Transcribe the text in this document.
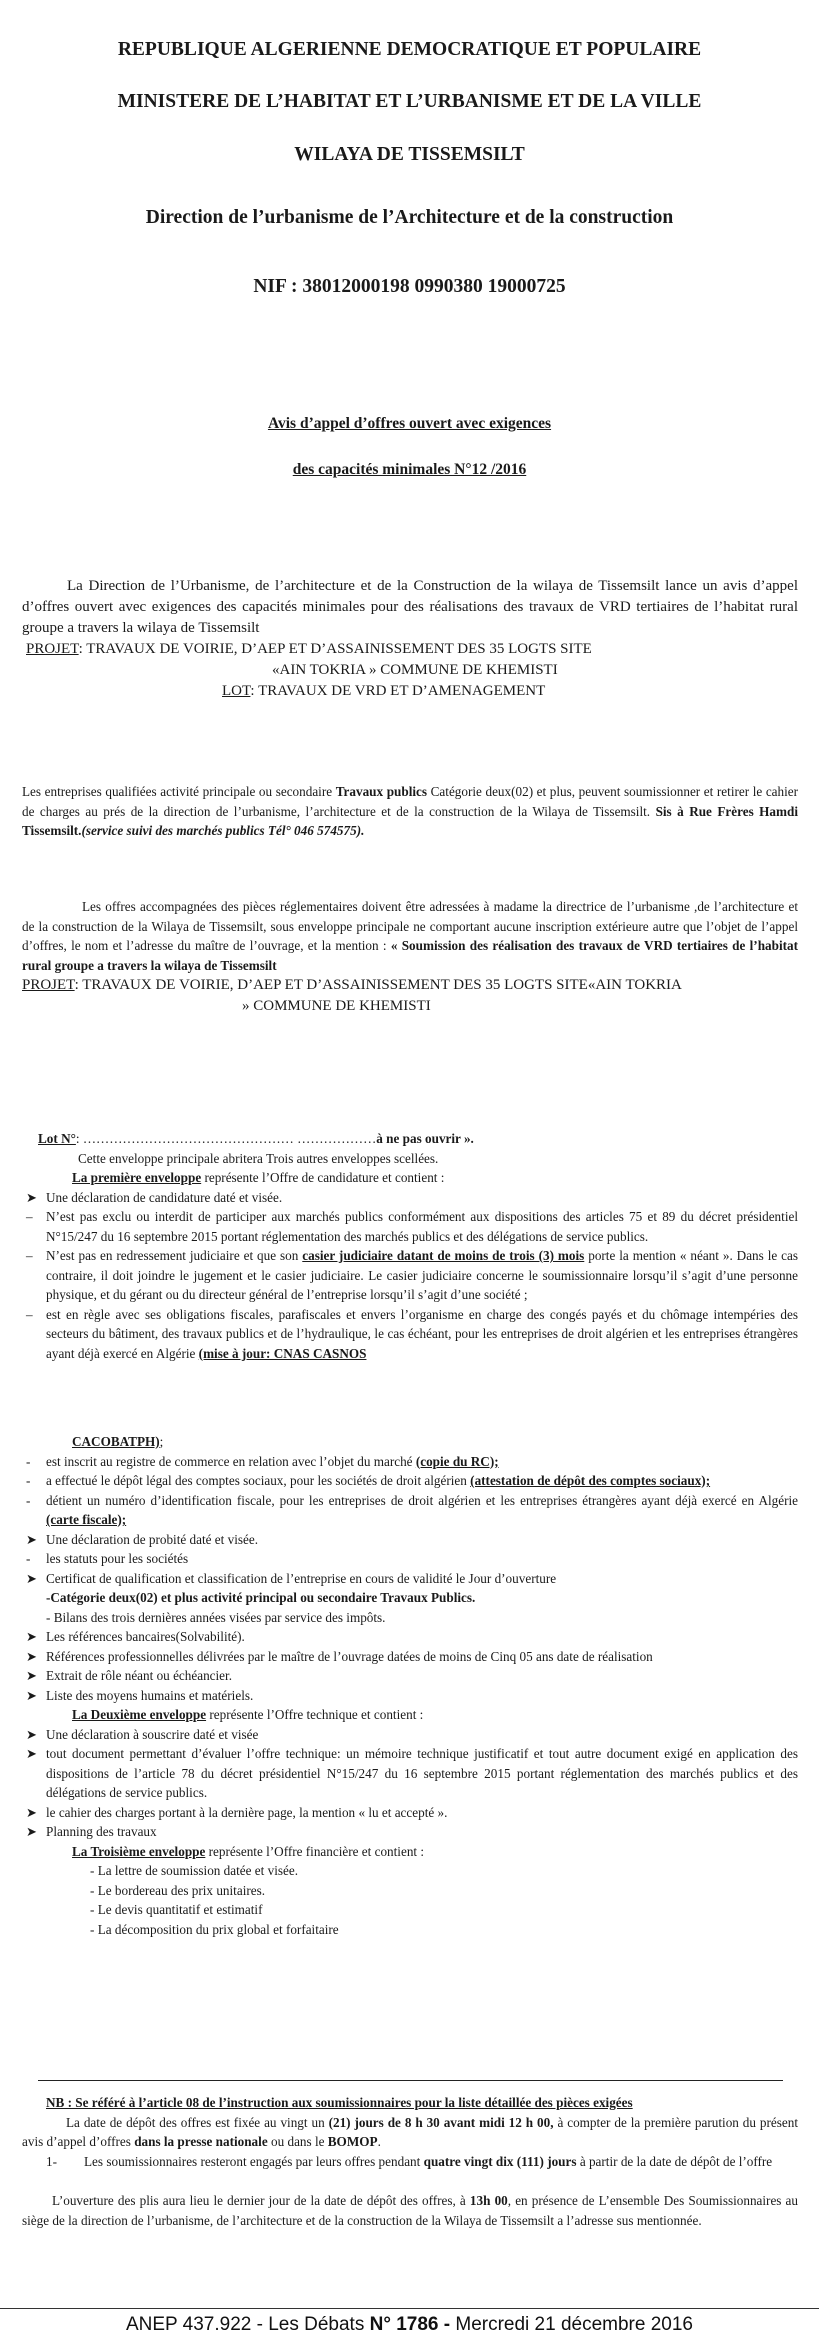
REPUBLIQUE ALGERIENNE DEMOCRATIQUE ET POPULAIRE
MINISTERE DE L’HABITAT ET L’URBANISME ET DE LA VILLE
WILAYA DE TISSEMSILT
Direction de l’urbanisme de l’Architecture et de la construction
NIF : 38012000198 0990380 19000725
Avis d’appel d’offres ouvert avec exigences
des capacités minimales N°12 /2016
La Direction de l’Urbanisme, de l’architecture et de la Construction de la wilaya de Tissemsilt lance un avis d’appel d’offres ouvert avec exigences des capacités minimales pour des réalisations des travaux de VRD tertiaires de l’habitat rural groupe a travers la wilaya de Tissemsilt
PROJET: TRAVAUX DE VOIRIE, D’AEP ET D’ASSAINISSEMENT DES 35 LOGTS SITE
«AIN TOKRIA » COMMUNE DE KHEMISTI
LOT: TRAVAUX DE VRD ET D’AMENAGEMENT
Les entreprises qualifiées activité principale ou secondaire Travaux publics Catégorie deux(02) et plus, peuvent soumissionner et retirer le cahier de charges au prés de la direction de l’urbanisme, l’architecture et de la construction de la Wilaya de Tissemsilt. Sis à Rue Frères Hamdi Tissemsilt.(service suivi des marchés publics Tél° 046 574575).
Les offres accompagnées des pièces réglementaires doivent être adressées à madame la directrice de l’urbanisme ,de l’architecture et de la construction de la Wilaya de Tissemsilt, sous enveloppe principale ne comportant aucune inscription extérieure autre que l’objet de l’appel d’offres, le nom et l’adresse du maître de l’ouvrage, et la mention : « Soumission des réalisation des travaux de VRD tertiaires de l’habitat rural groupe a travers la wilaya de Tissemsilt
PROJET: TRAVAUX DE VOIRIE, D’AEP ET D’ASSAINISSEMENT DES 35 LOGTS SITE«AIN TOKRIA
» COMMUNE DE KHEMISTI
Lot N°: ………………………………………… ………………à ne pas ouvrir ».
Cette enveloppe principale abritera Trois autres enveloppes scellées.
La première enveloppe représente l’Offre de candidature et contient :
➤ Une déclaration de candidature daté et visée.
– N’est pas exclu ou interdit de participer aux marchés publics conformément aux dispositions des articles 75 et 89 du décret présidentiel N°15/247 du 16 septembre 2015 portant réglementation des marchés publics et des délégations de service publics.
– N’est pas en redressement judiciaire et que son casier judiciaire datant de moins de trois (3) mois porte la mention « néant ». Dans le cas contraire, il doit joindre le jugement et le casier judiciaire. Le casier judiciaire concerne le soumissionnaire lorsqu’il s’agit d’une personne physique, et du gérant ou du directeur général de l’entreprise lorsqu’il s’agit d’une société ;
– est en règle avec ses obligations fiscales, parafiscales et envers l’organisme en charge des congés payés et du chômage intempéries des secteurs du bâtiment, des travaux publics et de l’hydraulique, le cas échéant, pour les entreprises de droit algérien et les entreprises étrangères ayant déjà exercé en Algérie (mise à jour: CNAS CASNOS
CACOBATPH);
- est inscrit au registre de commerce en relation avec l’objet du marché (copie du RC);
- a effectué le dépôt légal des comptes sociaux, pour les sociétés de droit algérien (attestation de dépôt des comptes sociaux);
- détient un numéro d’identification fiscale, pour les entreprises de droit algérien et les entreprises étrangères ayant déjà exercé en Algérie (carte fiscale);
➤ Une déclaration de probité daté et visée.
- les statuts pour les sociétés
➤ Certificat de qualification et classification de l’entreprise en cours de validité le Jour d’ouverture
-Catégorie deux(02) et plus activité principal ou secondaire Travaux Publics.
- Bilans des trois dernières années visées par service des impôts.
➤ Les références bancaires(Solvabilité).
➤ Références professionnelles délivrées par le maître de l’ouvrage datées de moins de Cinq 05 ans date de réalisation
➤ Extrait de rôle néant ou échéancier.
➤ Liste des moyens humains et matériels.
La Deuxième enveloppe représente l’Offre technique et contient :
➤ Une déclaration à souscrire daté et visée
➤ tout document permettant d’évaluer l’offre technique: un mémoire technique justificatif et tout autre document exigé en application des dispositions de l’article 78 du décret présidentiel N°15/247 du 16 septembre 2015 portant réglementation des marchés publics et des délégations de service publics.
➤ le cahier des charges portant à la dernière page, la mention « lu et accepté ».
➤ Planning des travaux
La Troisième enveloppe représente l’Offre financière et contient :
- La lettre de soumission datée et visée.
- Le bordereau des prix unitaires.
- Le devis quantitatif et estimatif
- La décomposition du prix global et forfaitaire
NB : Se référé à l’article 08 de l’instruction aux soumissionnaires pour la liste détaillée des pièces exigées
La date de dépôt des offres est fixée au vingt un (21) jours de 8 h 30 avant midi 12 h 00, à compter de la première parution du présent avis d’appel d’offres dans la presse nationale ou dans le BOMOP.
1- Les soumissionnaires resteront engagés par leurs offres pendant quatre vingt dix (111) jours à partir de la date de dépôt de l’offre
L’ouverture des plis aura lieu le dernier jour de la date de dépôt des offres, à 13h 00, en présence de L’ensemble Des Soumissionnaires au siège de la direction de l’urbanisme, de l’architecture et de la construction de la Wilaya de Tissemsilt a l’adresse sus mentionnée.
ANEP 437.922 - Les Débats N° 1786 - Mercredi 21 décembre 2016
